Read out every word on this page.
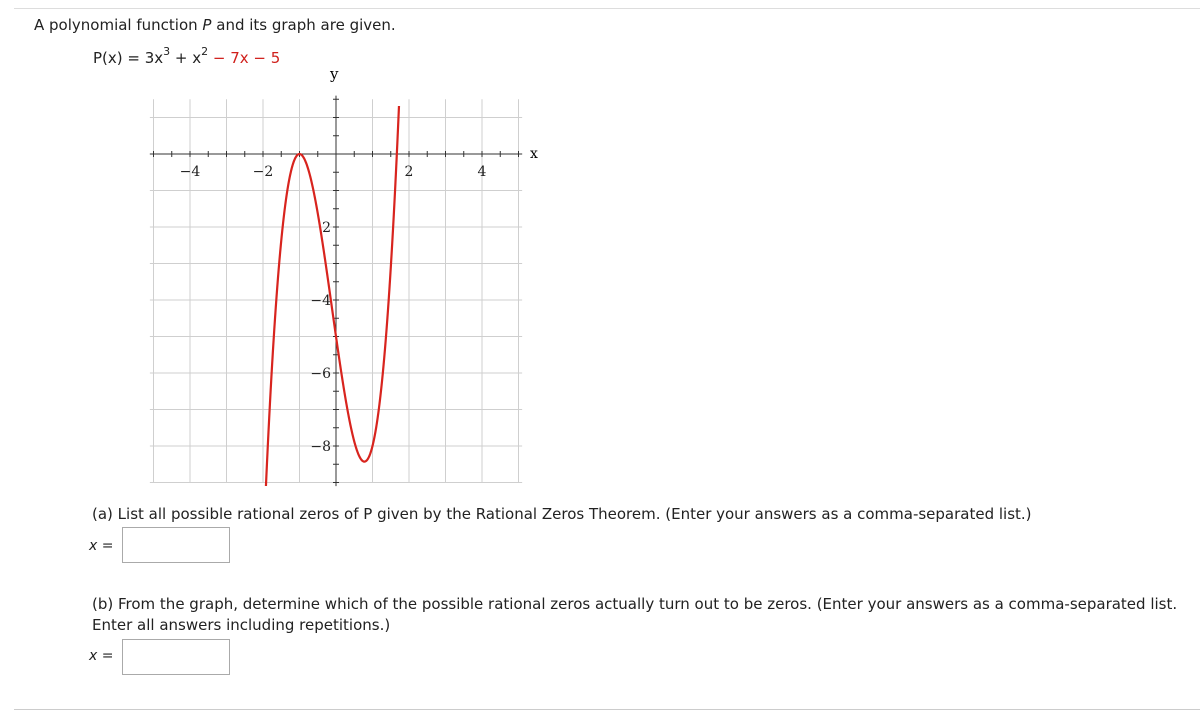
A polynomial function P and its graph are given.
$P(x) = 3x^3 + x^2 - 7x - 5$
−4	−2	2	4
2
−4
−6
−8
x
y
(a) List all possible rational zeros of P given by the Rational Zeros Theorem. (Enter your answers as a comma-separated list.)
x =
(b) From the graph, determine which of the possible rational zeros actually turn out to be zeros. (Enter your answers as a comma-separated list. Enter all answers including repetitions.)
x =
